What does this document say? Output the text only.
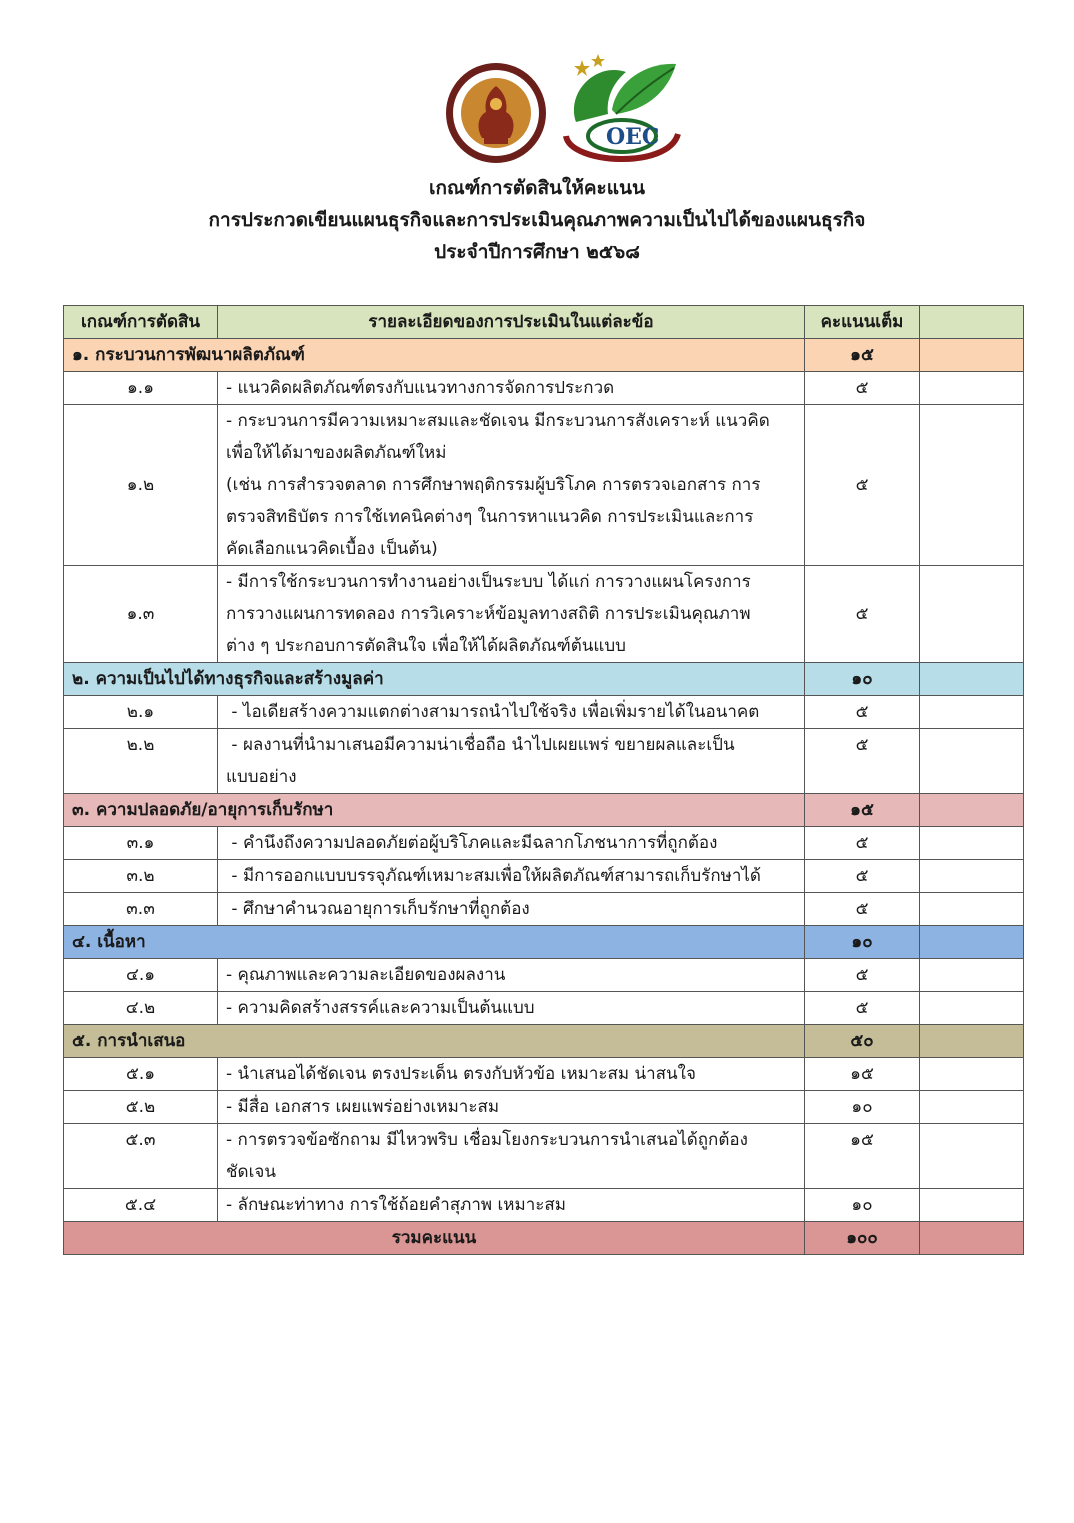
OEC
เกณฑ์การตัดสินให้คะแนน
การประกวดเขียนแผนธุรกิจและการประเมินคุณภาพความเป็นไปได้ของแผนธุรกิจ
ประจำปีการศึกษา ๒๕๖๘
เกณฑ์การตัดสิน	รายละเอียดของการประเมินในแต่ละข้อ	คะแนนเต็ม	
๑. กระบวนการพัฒนาผลิตภัณฑ์		๑๕	
๑.๑	- แนวคิดผลิตภัณฑ์ตรงกับแนวทางการจัดการประกวด	๕	
๑.๒	- กระบวนการมีความเหมาะสมและชัดเจน มีกระบวนการสังเคราะห์ แนวคิด
เพื่อให้ได้มาของผลิตภัณฑ์ใหม่
(เช่น การสำรวจตลาด การศึกษาพฤติกรรมผู้บริโภค การตรวจเอกสาร การ
ตรวจสิทธิบัตร การใช้เทคนิคต่างๆ ในการหาแนวคิด การประเมินและการ
คัดเลือกแนวคิดเบื้อง เป็นต้น)	๕	
๑.๓	- มีการใช้กระบวนการทำงานอย่างเป็นระบบ ได้แก่ การวางแผนโครงการ
การวางแผนการทดลอง การวิเคราะห์ข้อมูลทางสถิติ การประเมินคุณภาพ
ต่าง ๆ ประกอบการตัดสินใจ เพื่อให้ได้ผลิตภัณฑ์ต้นแบบ	๕	
๒. ความเป็นไปได้ทางธุรกิจและสร้างมูลค่า		๑๐	
๒.๑	- ไอเดียสร้างความแตกต่างสามารถนำไปใช้จริง เพื่อเพิ่มรายได้ในอนาคต	๕	
๒.๒	- ผลงานที่นำมาเสนอมีความน่าเชื่อถือ นำไปเผยแพร่ ขยายผลและเป็น
แบบอย่าง	๕	
๓. ความปลอดภัย/อายุการเก็บรักษา		๑๕	
๓.๑	- คำนึงถึงความปลอดภัยต่อผู้บริโภคและมีฉลากโภชนาการที่ถูกต้อง	๕	
๓.๒	- มีการออกแบบบรรจุภัณฑ์เหมาะสมเพื่อให้ผลิตภัณฑ์สามารถเก็บรักษาได้	๕	
๓.๓	- ศึกษาคำนวณอายุการเก็บรักษาที่ถูกต้อง	๕	
๔. เนื้อหา		๑๐	
๔.๑	- คุณภาพและความละเอียดของผลงาน	๕	
๔.๒	- ความคิดสร้างสรรค์และความเป็นต้นแบบ	๕	
๕. การนำเสนอ		๕๐	
๕.๑	- นำเสนอได้ชัดเจน ตรงประเด็น ตรงกับหัวข้อ เหมาะสม น่าสนใจ	๑๕	
๕.๒	- มีสื่อ เอกสาร เผยแพร่อย่างเหมาะสม	๑๐	
๕.๓	- การตรวจข้อซักถาม มีไหวพริบ เชื่อมโยงกระบวนการนำเสนอได้ถูกต้อง
ชัดเจน	๑๕	
๕.๔	- ลักษณะท่าทาง การใช้ถ้อยคำสุภาพ เหมาะสม	๑๐	
รวมคะแนน		๑๐๐	
